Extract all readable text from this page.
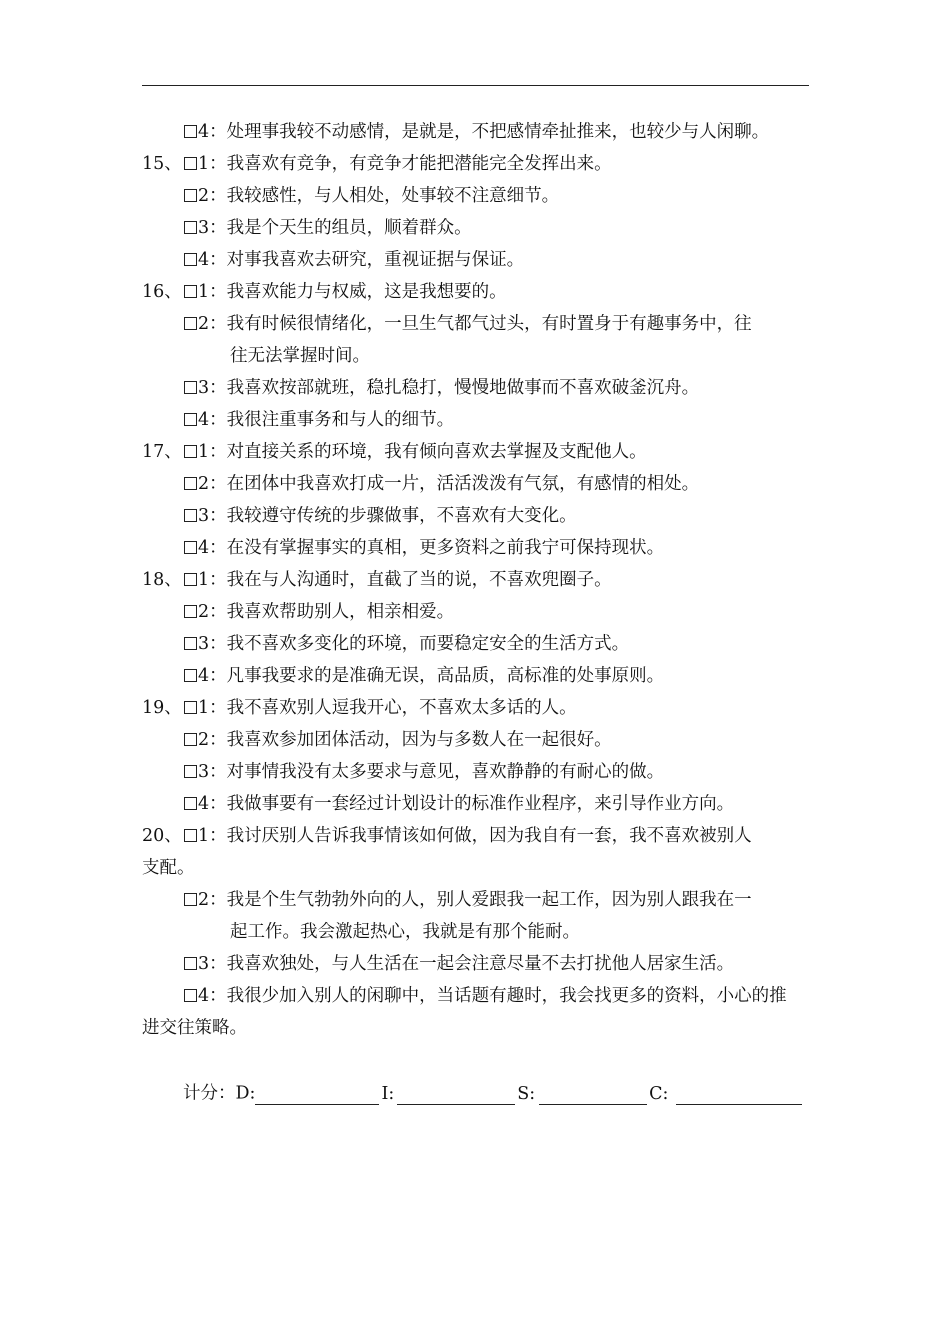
4：处理事我较不动感情，是就是，不把感情牵扯推来，也较少与人闲聊。
15、 1：我喜欢有竞争，有竞争才能把潜能完全发挥出来。
2：我较感性，与人相处，处事较不注意细节。
3：我是个天生的组员，顺着群众。
4：对事我喜欢去研究，重视证据与保证。
16、 1：我喜欢能力与权威，这是我想要的。
2：我有时候很情绪化，一旦生气都气过头，有时置身于有趣事务中，往
往无法掌握时间。
3：我喜欢按部就班，稳扎稳打，慢慢地做事而不喜欢破釜沉舟。
4：我很注重事务和与人的细节。
17、 1：对直接关系的环境，我有倾向喜欢去掌握及支配他人。
2：在团体中我喜欢打成一片，活活泼泼有气氛，有感情的相处。
3：我较遵守传统的步骤做事，不喜欢有大变化。
4：在没有掌握事实的真相，更多资料之前我宁可保持现状。
18、 1：我在与人沟通时，直截了当的说，不喜欢兜圈子。
2：我喜欢帮助别人，相亲相爱。
3：我不喜欢多变化的环境，而要稳定安全的生活方式。
4：凡事我要求的是准确无误，高品质，高标准的处事原则。
19、 1：我不喜欢别人逗我开心，不喜欢太多话的人。
2：我喜欢参加团体活动，因为与多数人在一起很好。
3：对事情我没有太多要求与意见，喜欢静静的有耐心的做。
4：我做事要有一套经过计划设计的标准作业程序，来引导作业方向。
20、 1：我讨厌别人告诉我事情该如何做，因为我自有一套，我不喜欢被别人
支配。
2：我是个生气勃勃外向的人，别人爱跟我一起工作，因为别人跟我在一
起工作。我会激起热心，我就是有那个能耐。
3：我喜欢独处，与人生活在一起会注意尽量不去打扰他人居家生活。
4：我很少加入别人的闲聊中，当话题有趣时，我会找更多的资料，小心的推
进交往策略。
计分：D:	I:	S:	C:
